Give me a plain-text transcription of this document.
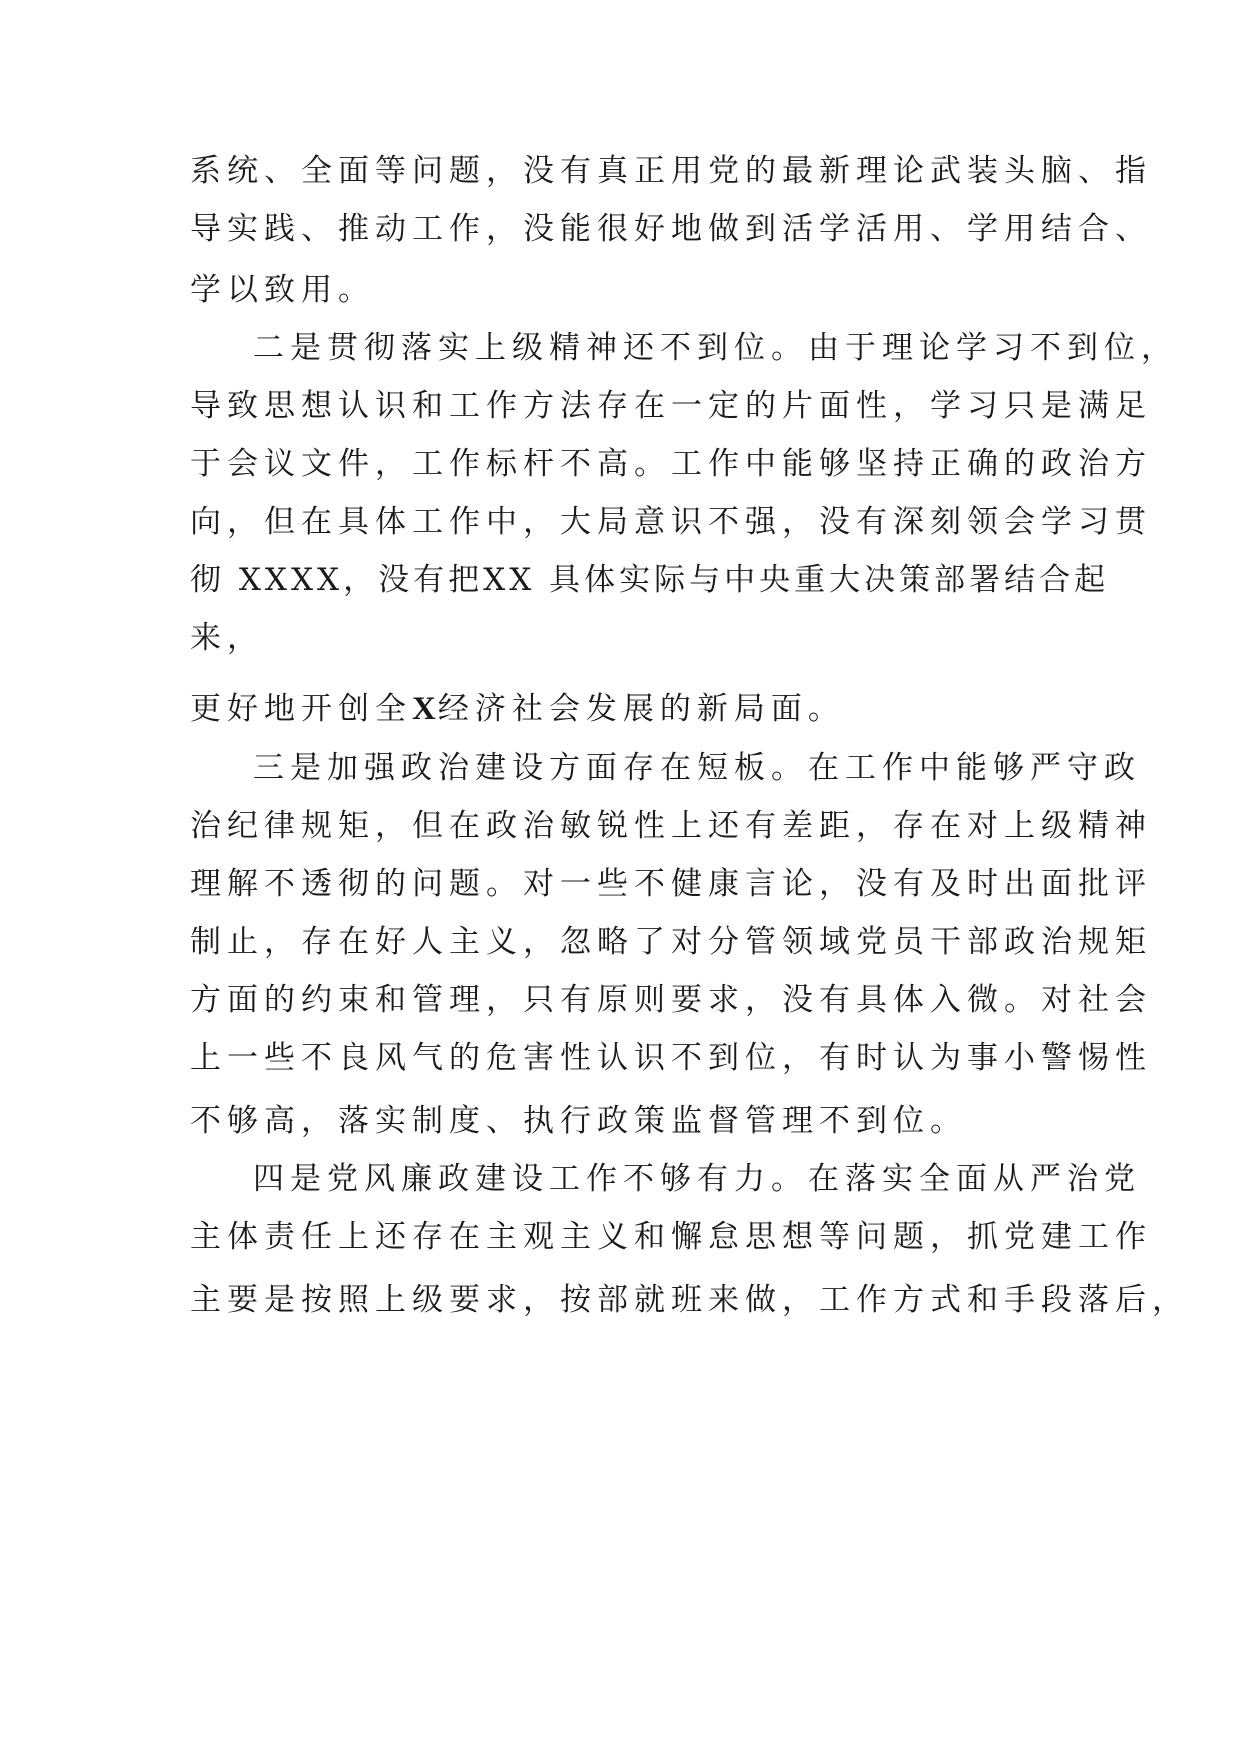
系统、全面等问题，没有真正用党的最新理论武装头脑、指
导实践、推动工作，没能很好地做到活学活用、学用结合、
学以致用。
二是贯彻落实上级精神还不到位。由于理论学习不到位，
导致思想认识和工作方法存在一定的片面性，学习只是满足
于会议文件，工作标杆不高。工作中能够坚持正确的政治方
向，但在具体工作中，大局意识不强，没有深刻领会学习贯
彻 XXXX，没有把XX 具体实际与中央重大决策部署结合起
来，
更好地开创全X经济社会发展的新局面。
三是加强政治建设方面存在短板。在工作中能够严守政
治纪律规矩，但在政治敏锐性上还有差距，存在对上级精神
理解不透彻的问题。对一些不健康言论，没有及时出面批评
制止，存在好人主义，忽略了对分管领域党员干部政治规矩
方面的约束和管理，只有原则要求，没有具体入微。对社会
上一些不良风气的危害性认识不到位，有时认为事小警惕性
不够高，落实制度、执行政策监督管理不到位。
四是党风廉政建设工作不够有力。在落实全面从严治党
主体责任上还存在主观主义和懈怠思想等问题，抓党建工作
主要是按照上级要求，按部就班来做，工作方式和手段落后，
